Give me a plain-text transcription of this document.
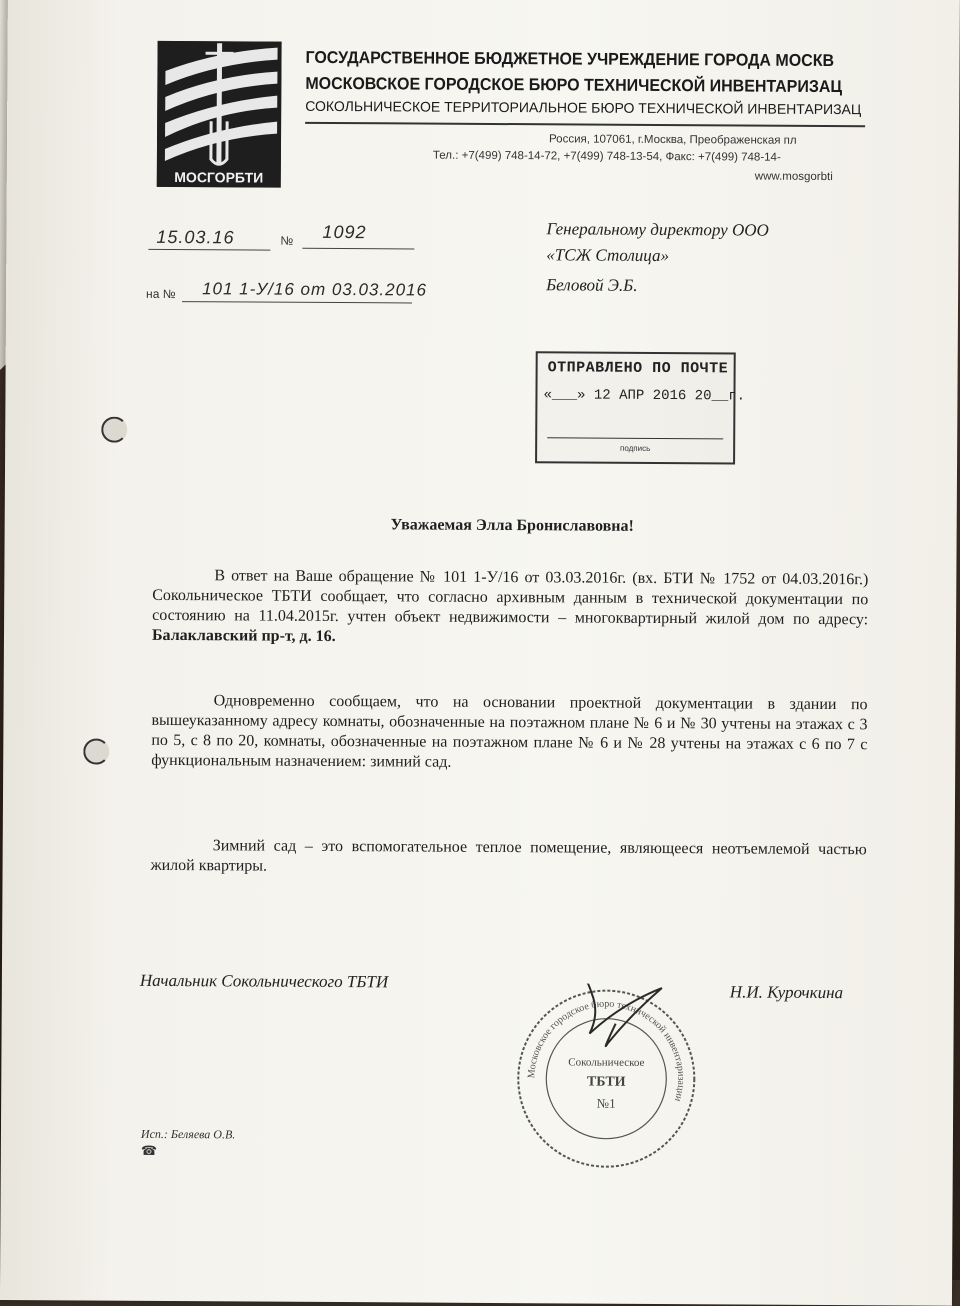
МОСГОРБТИ
ГОСУДАРСТВЕННОЕ БЮДЖЕТНОЕ УЧРЕЖДЕНИЕ ГОРОДА МОСКВ
МОСКОВСКОЕ ГОРОДСКОЕ БЮРО ТЕХНИЧЕСКОЙ ИНВЕНТАРИЗАЦ
СОКОЛЬНИЧЕСКОЕ ТЕРРИТОРИАЛЬНОЕ БЮРО ТЕХНИЧЕСКОЙ ИНВЕНТАРИЗАЦ
Россия, 107061, г.Москва, Преображенская пл
Тел.: +7(499) 748-14-72, +7(499) 748-13-54, Факс: +7(499) 748-14-
www.mosgorbti
15.03.16	№ 1092
на № 101 1-У/16 от 03.03.2016
Генеральному директору ООО
«ТСЖ Столица»
Беловой Э.Б.
ОТПРАВЛЕНО ПО ПОЧТЕ
«___» 12 АПР 2016 20__г.
подпись
Уважаемая Элла Брониславовна!
В ответ на Ваше обращение № 101 1-У/16 от 03.03.2016г. (вх. БТИ № 1752 от 04.03.2016г.) Сокольническое ТБТИ сообщает, что согласно архивным данным в технической документации по состоянию на 11.04.2015г. учтен объект недвижимости – многоквартирный жилой дом по адресу: Балаклавский пр-т, д. 16.
Одновременно сообщаем, что на основании проектной документации в здании по вышеуказанному адресу комнаты, обозначенные на поэтажном плане № 6 и № 30 учтены на этажах с 3 по 5, с 8 по 20, комнаты, обозначенные на поэтажном плане № 6 и № 28 учтены на этажах с 6 по 7 с функциональным назначением: зимний сад.
Зимний сад – это вспомогательное теплое помещение, являющееся неотъемлемой частью жилой квартиры.
Начальник Сокольнического ТБТИ
Н.И. Курочкина
Московское городское бюро технической инвентаризации
Сокольническое
ТБТИ
№1
Исп.: Беляева О.В.
☎
